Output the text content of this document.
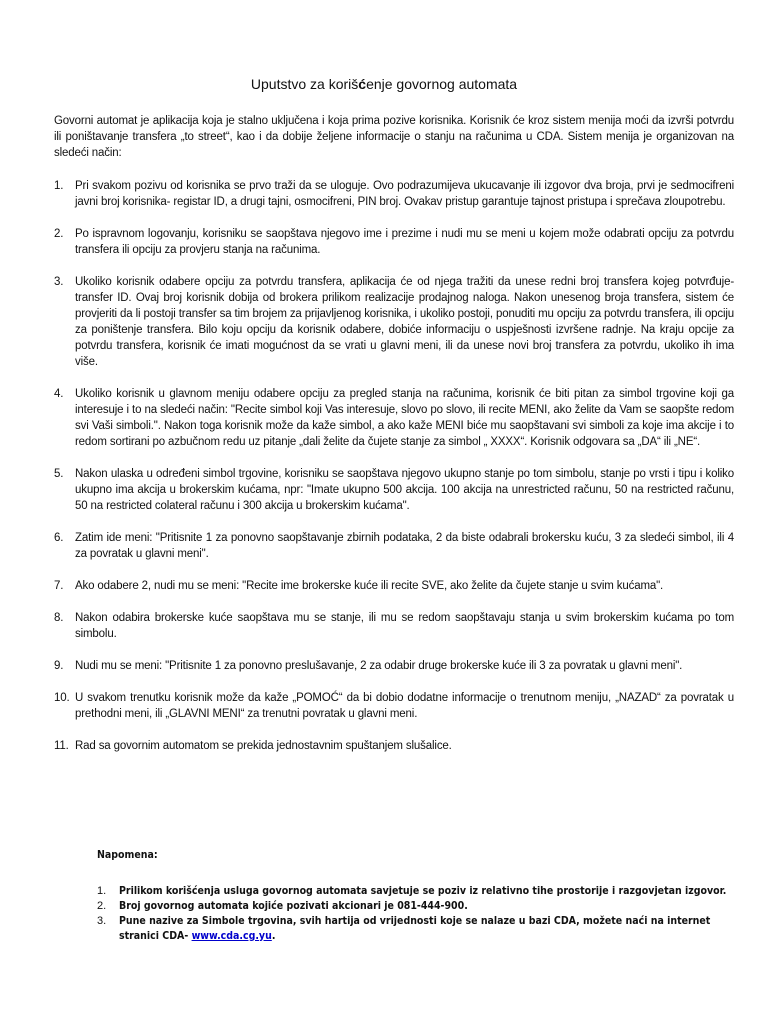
Uputstvo za korišćenje govornog automata

Govorni automat je aplikacija koja je stalno uključena i koja prima pozive korisnika. Korisnik će kroz sistem menija moći da izvrši potvrdu ili poništavanje transfera „to street“, kao i da dobije željene informacije o stanju na računima u CDA. Sistem menija je organizovan na sledeći način:

1. Pri svakom pozivu od korisnika se prvo traži da se uloguje. Ovo podrazumijeva ukucavanje ili izgovor dva broja, prvi je sedmocifreni javni broj korisnika- registar ID, a drugi tajni, osmocifreni, PIN broj. Ovakav pristup garantuje tajnost pristupa i sprečava zloupotrebu.
2. Po ispravnom logovanju, korisniku se saopštava njegovo ime i prezime i nudi mu se meni u kojem može odabrati opciju za potvrdu transfera ili opciju za provjeru stanja na računima.
3. Ukoliko korisnik odabere opciju za potvrdu transfera, aplikacija će od njega tražiti da unese redni broj transfera kojeg potvrđuje- transfer ID. Ovaj broj korisnik dobija od brokera prilikom realizacije prodajnog naloga. Nakon unesenog broja transfera, sistem će provjeriti da li postoji transfer sa tim brojem za prijavljenog korisnika, i ukoliko postoji, ponuditi mu opciju za potvrdu transfera, ili opciju za poništenje transfera. Bilo koju opciju da korisnik odabere, dobiće informaciju o uspješnosti izvršene radnje. Na kraju opcije za potvrdu transfera, korisnik će imati mogućnost da se vrati u glavni meni, ili da unese novi broj transfera za potvrdu, ukoliko ih ima više.
4. Ukoliko korisnik u glavnom meniju odabere opciju za pregled stanja na računima, korisnik će biti pitan za simbol trgovine koji ga interesuje i to na sledeći način: "Recite simbol koji Vas interesuje, slovo po slovo, ili recite MENI, ako želite da Vam se saopšte redom svi Vaši simboli.". Nakon toga korisnik može da kaže simbol, a ako kaže MENI biće mu saopštavani svi simboli za koje ima akcije i to redom sortirani po azbučnom redu uz pitanje „dali želite da čujete stanje za simbol „ XXXX“. Korisnik odgovara sa „DA“ ili „NE“.
5. Nakon ulaska u određeni simbol trgovine, korisniku se saopštava njegovo ukupno stanje po tom simbolu, stanje po vrsti i tipu i koliko ukupno ima akcija u brokerskim kućama, npr: "Imate ukupno 500 akcija. 100 akcija na unrestricted računu, 50 na restricted računu, 50 na restricted colateral računu i 300 akcija u brokerskim kućama".
6. Zatim ide meni: "Pritisnite 1 za ponovno saopštavanje zbirnih podataka, 2 da biste odabrali brokersku kuću, 3 za sledeći simbol, ili 4 za povratak u glavni meni".
7. Ako odabere 2, nudi mu se meni: "Recite ime brokerske kuće ili recite SVE, ako želite da čujete stanje u svim kućama".
8. Nakon odabira brokerske kuće saopštava mu se stanje, ili mu se redom saopštavaju stanja u svim brokerskim kućama po tom simbolu.
9. Nudi mu se meni: "Pritisnite 1 za ponovno preslušavanje, 2 za odabir druge brokerske kuće ili 3 za povratak u glavni meni".
10. U svakom trenutku korisnik može da kaže „POMOĆ“ da bi dobio dodatne informacije o trenutnom meniju, „NAZAD“ za povratak u prethodni meni, ili „GLAVNI MENI“ za trenutni povratak u glavni meni.
11. Rad sa govornim automatom se prekida jednostavnim spuštanjem slušalice.
Napomena:
1. Prilikom korišćenja usluga govornog automata savjetuje se poziv iz relativno tihe prostorije i razgovjetan izgovor.
2. Broj govornog automata kojiće pozivati akcionari je 081-444-900.
3. Pune nazive za Simbole trgovina, svih hartija od vrijednosti koje se nalaze u bazi CDA, možete naći na internet stranici CDA- www.cda.cg.yu.
